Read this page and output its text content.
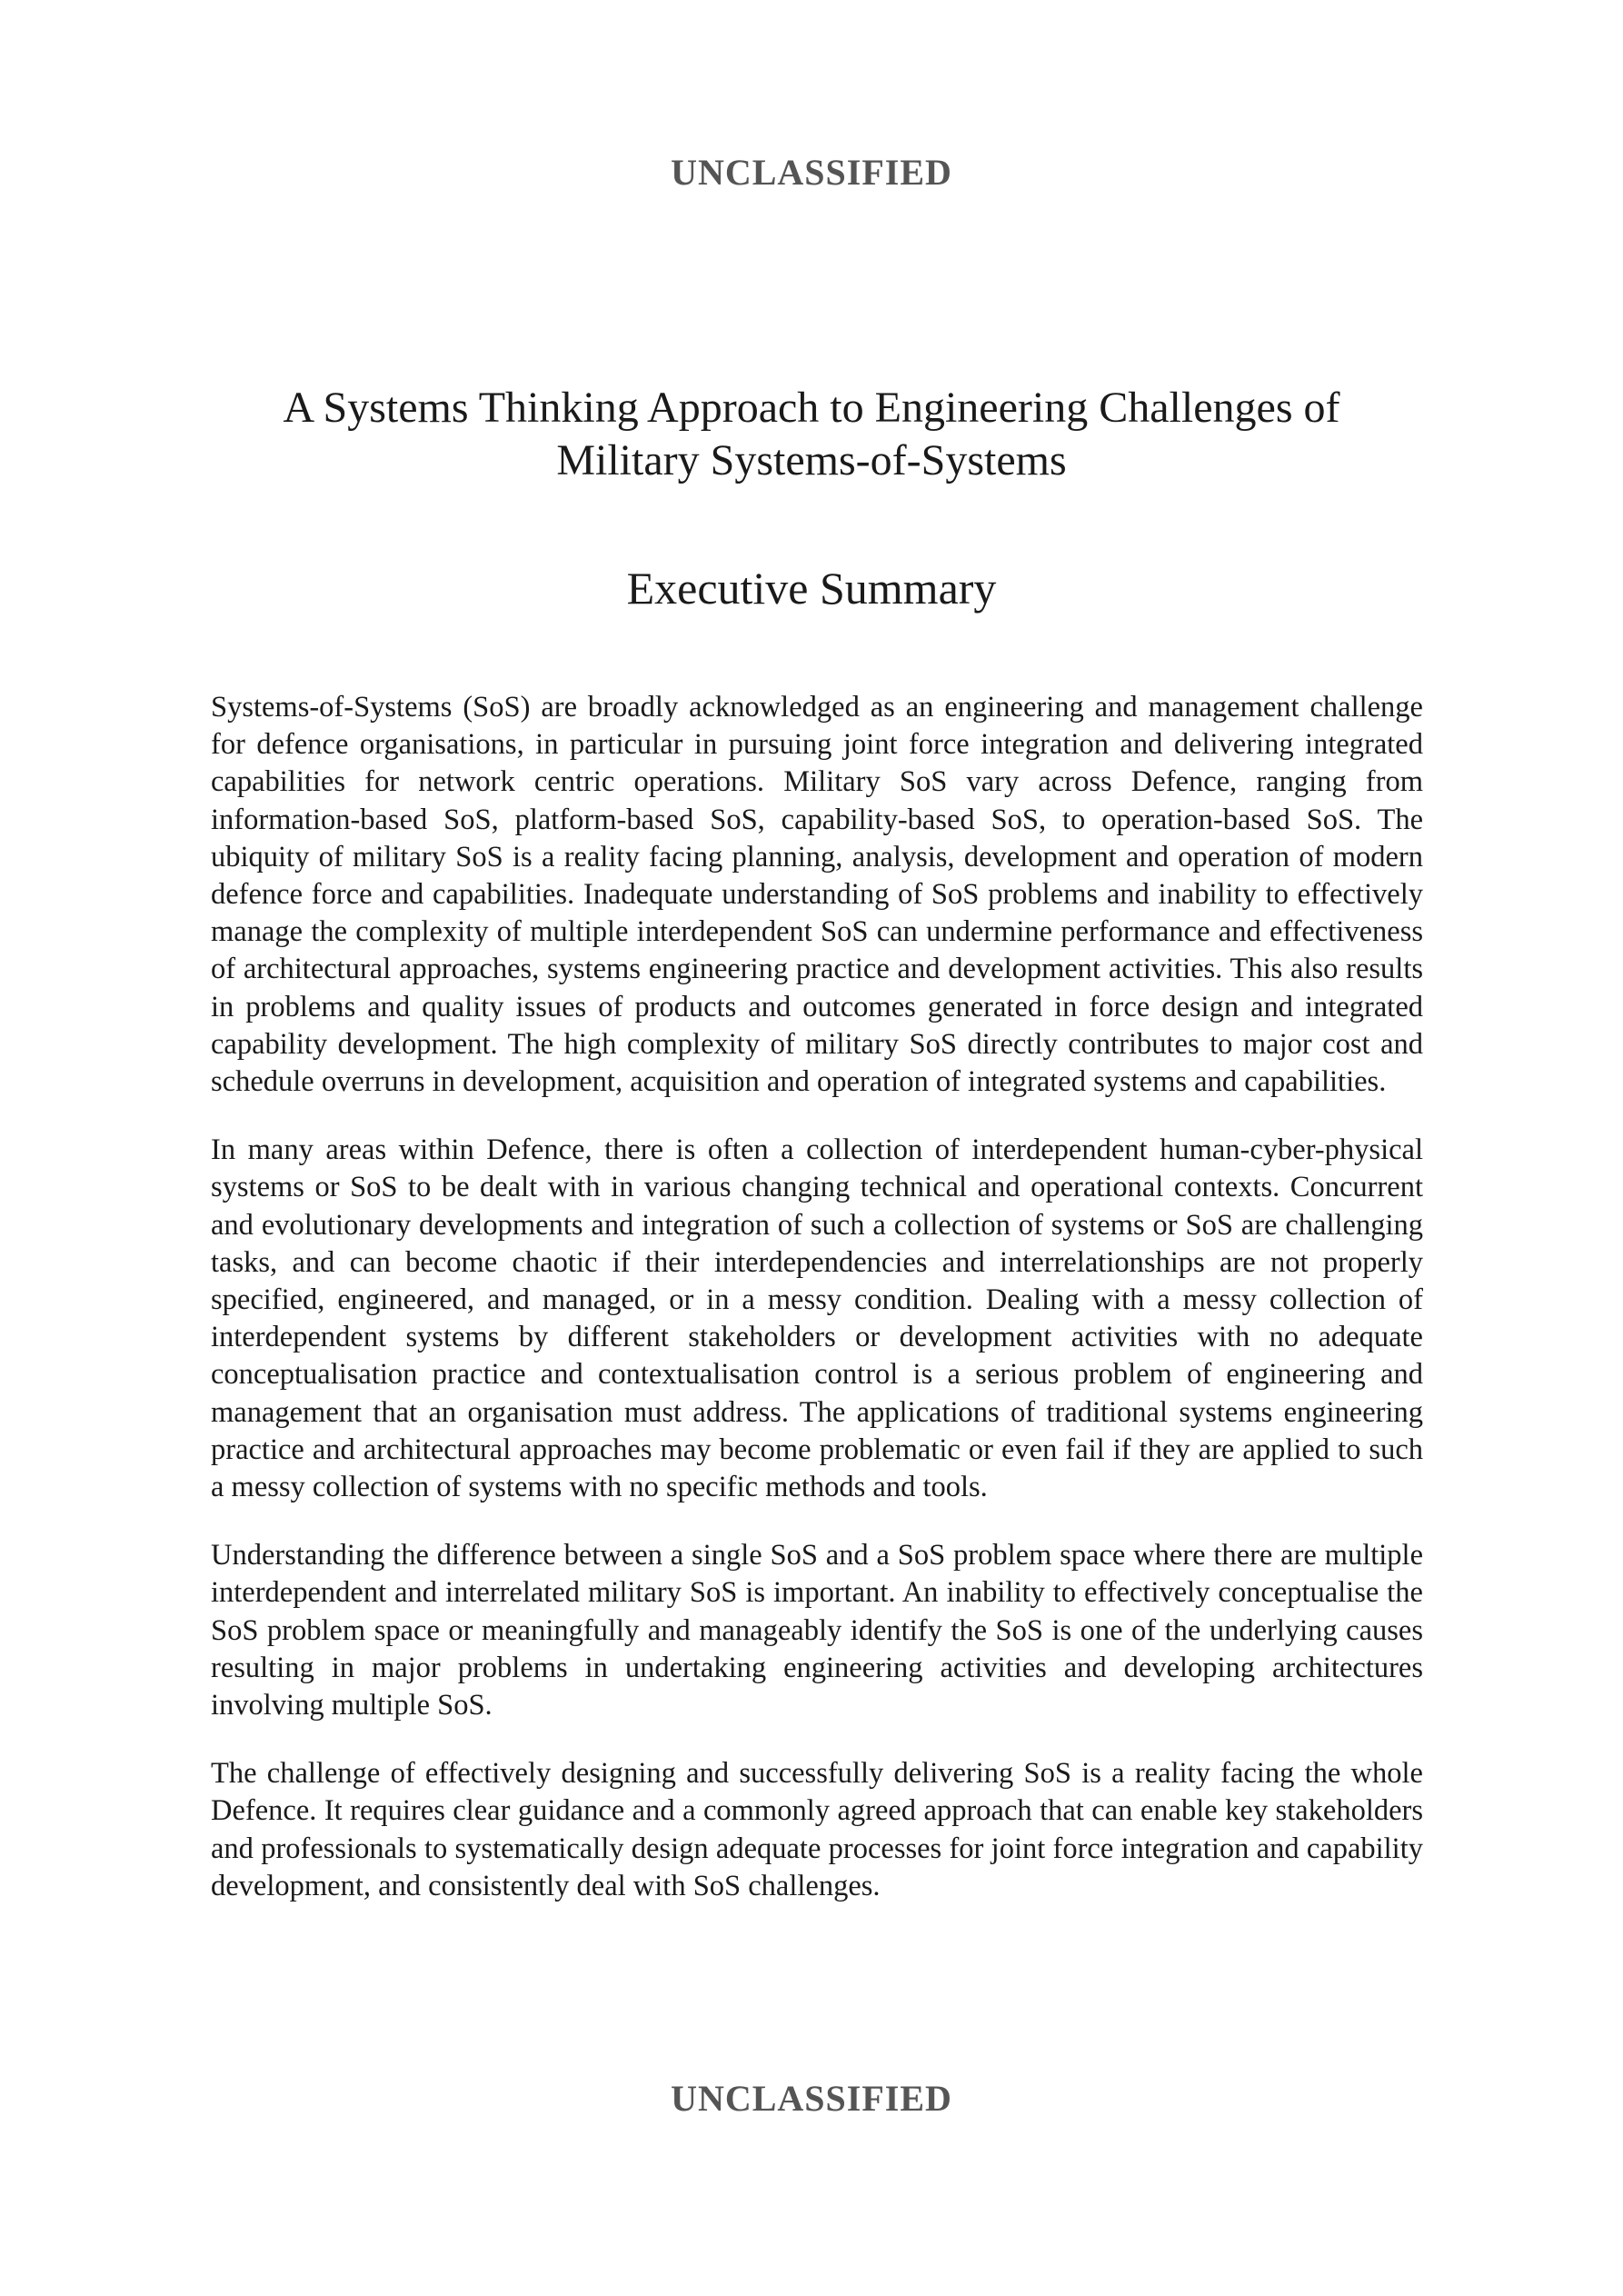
UNCLASSIFIED
A Systems Thinking Approach to Engineering Challenges of
Military Systems-of-Systems
Executive Summary

Systems-of-Systems (SoS) are broadly acknowledged as an engineering and management challenge for defence organisations, in particular in pursuing joint force integration and delivering integrated capabilities for network centric operations. Military SoS vary across Defence, ranging from information-based SoS, platform-based SoS, capability-based SoS, to operation-based SoS. The ubiquity of military SoS is a reality facing planning, analysis, development and operation of modern defence force and capabilities. Inadequate understanding of SoS problems and inability to effectively manage the complexity of multiple interdependent SoS can undermine performance and effectiveness of architectural approaches, systems engineering practice and development activities. This also results in problems and quality issues of products and outcomes generated in force design and integrated capability development. The high complexity of military SoS directly contributes to major cost and schedule overruns in development, acquisition and operation of integrated systems and capabilities.

In many areas within Defence, there is often a collection of interdependent human-cyber-physical systems or SoS to be dealt with in various changing technical and operational contexts. Concurrent and evolutionary developments and integration of such a collection of systems or SoS are challenging tasks, and can become chaotic if their interdependencies and interrelationships are not properly specified, engineered, and managed, or in a messy condition. Dealing with a messy collection of interdependent systems by different stakeholders or development activities with no adequate conceptualisation practice and contextualisation control is a serious problem of engineering and management that an organisation must address. The applications of traditional systems engineering practice and architectural approaches may become problematic or even fail if they are applied to such a messy collection of systems with no specific methods and tools.

Understanding the difference between a single SoS and a SoS problem space where there are multiple interdependent and interrelated military SoS is important. An inability to effectively conceptualise the SoS problem space or meaningfully and manageably identify the SoS is one of the underlying causes resulting in major problems in undertaking engineering activities and developing architectures involving multiple SoS.

The challenge of effectively designing and successfully delivering SoS is a reality facing the whole Defence. It requires clear guidance and a commonly agreed approach that can enable key stakeholders and professionals to systematically design adequate processes for joint force integration and capability development, and consistently deal with SoS challenges.

UNCLASSIFIED
